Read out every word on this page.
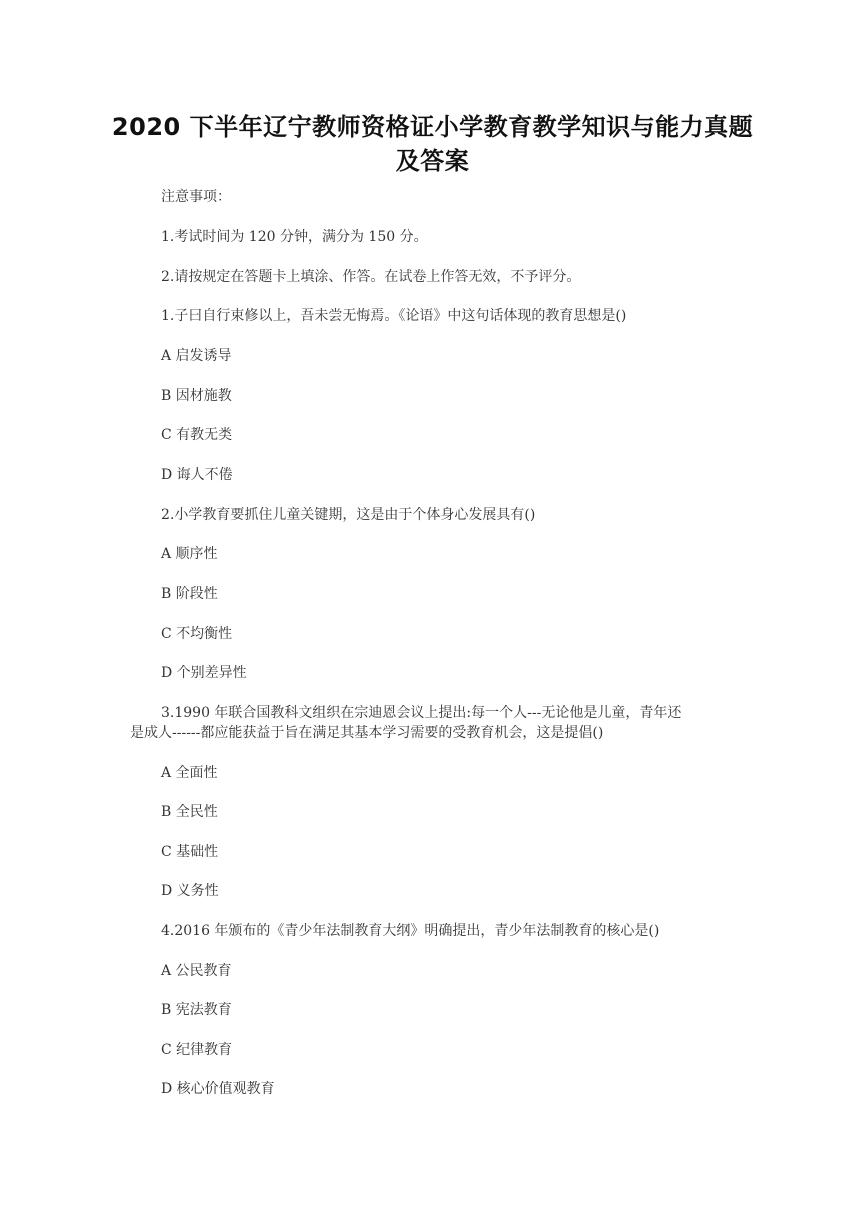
2020 下半年辽宁教师资格证小学教育教学知识与能力真题
及答案
注意事项：
1.考试时间为 120 分钟，满分为 150 分。
2.请按规定在答题卡上填涂、作答。在试卷上作答无效，不予评分。
1.子曰自行束修以上，吾未尝无悔焉。《论语》中这句话体现的教育思想是()
A 启发诱导
B 因材施教
C 有教无类
D 诲人不倦
2.小学教育要抓住儿童关键期，这是由于个体身心发展具有()
A 顺序性
B 阶段性
C 不均衡性
D 个别差异性
3.1990 年联合国教科文组织在宗迪恩会议上提出:每一个人---无论他是儿童，青年还
是成人------都应能获益于旨在满足其基本学习需要的受教育机会，这是提倡()
A 全面性
B 全民性
C 基础性
D 义务性
4.2016 年颁布的《青少年法制教育大纲》明确提出，青少年法制教育的核心是()
A 公民教育
B 宪法教育
C 纪律教育
D 核心价值观教育
